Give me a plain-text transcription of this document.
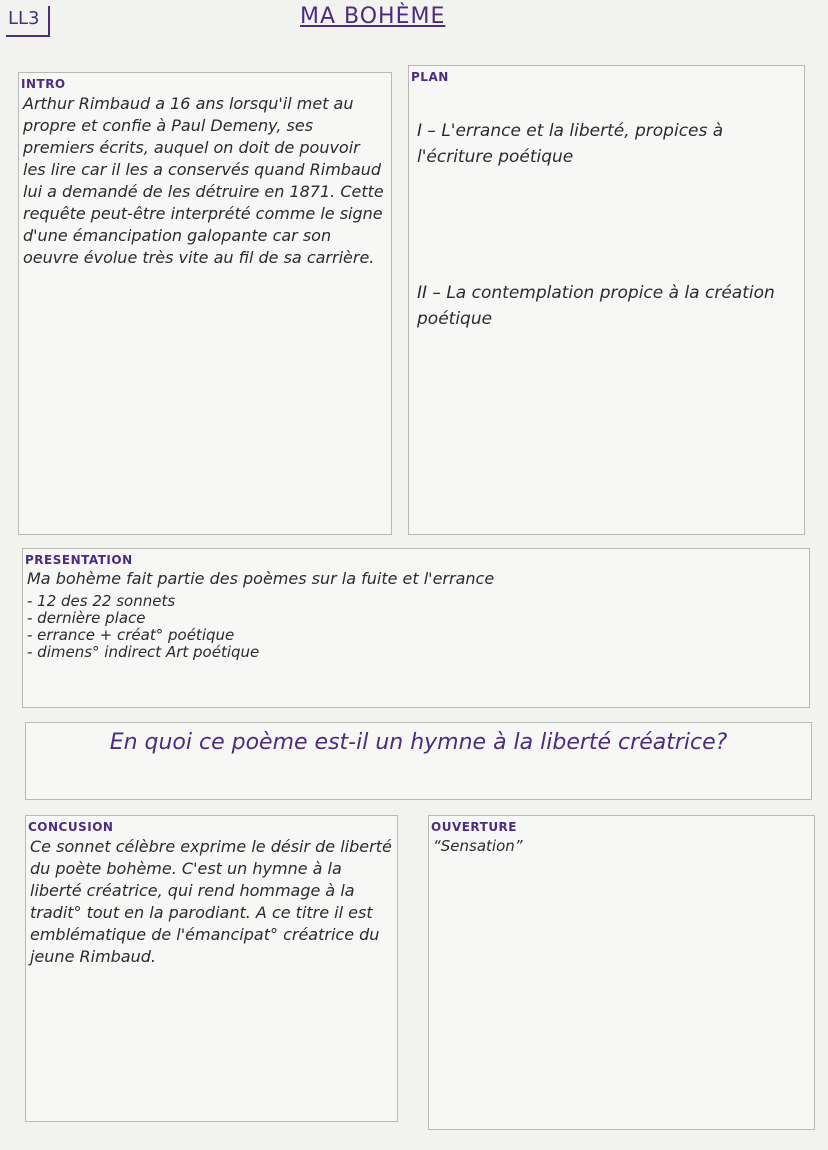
LL3	MA BOHÈME
INTRO
Arthur Rimbaud a 16 ans lorsqu'il met au propre et confie à Paul Demeny, ses premiers écrits, auquel on doit de pouvoir les lire car il les a conservés quand Rimbaud lui a demandé de les détruire en 1871. Cette requête peut-être interprété comme le signe d'une émancipation galopante car son oeuvre évolue très vite au fil de sa carrière.
PLAN
I – L'errance et la liberté, propices à l'écriture poétique
II – La contemplation propice à la création poétique
PRESENTATION
Ma bohème fait partie des poèmes sur la fuite et l'errance
- 12 des 22 sonnets
- dernière place
- errance + créat° poétique
- dimens° indirect Art poétique
En quoi ce poème est-il un hymne à la liberté créatrice?
CONCUSION
Ce sonnet célèbre exprime le désir de liberté du poète bohème. C'est un hymne à la liberté créatrice, qui rend hommage à la tradit° tout en la parodiant. A ce titre il est emblématique de l'émancipat° créatrice du jeune Rimbaud.
OUVERTURE
“Sensation”
